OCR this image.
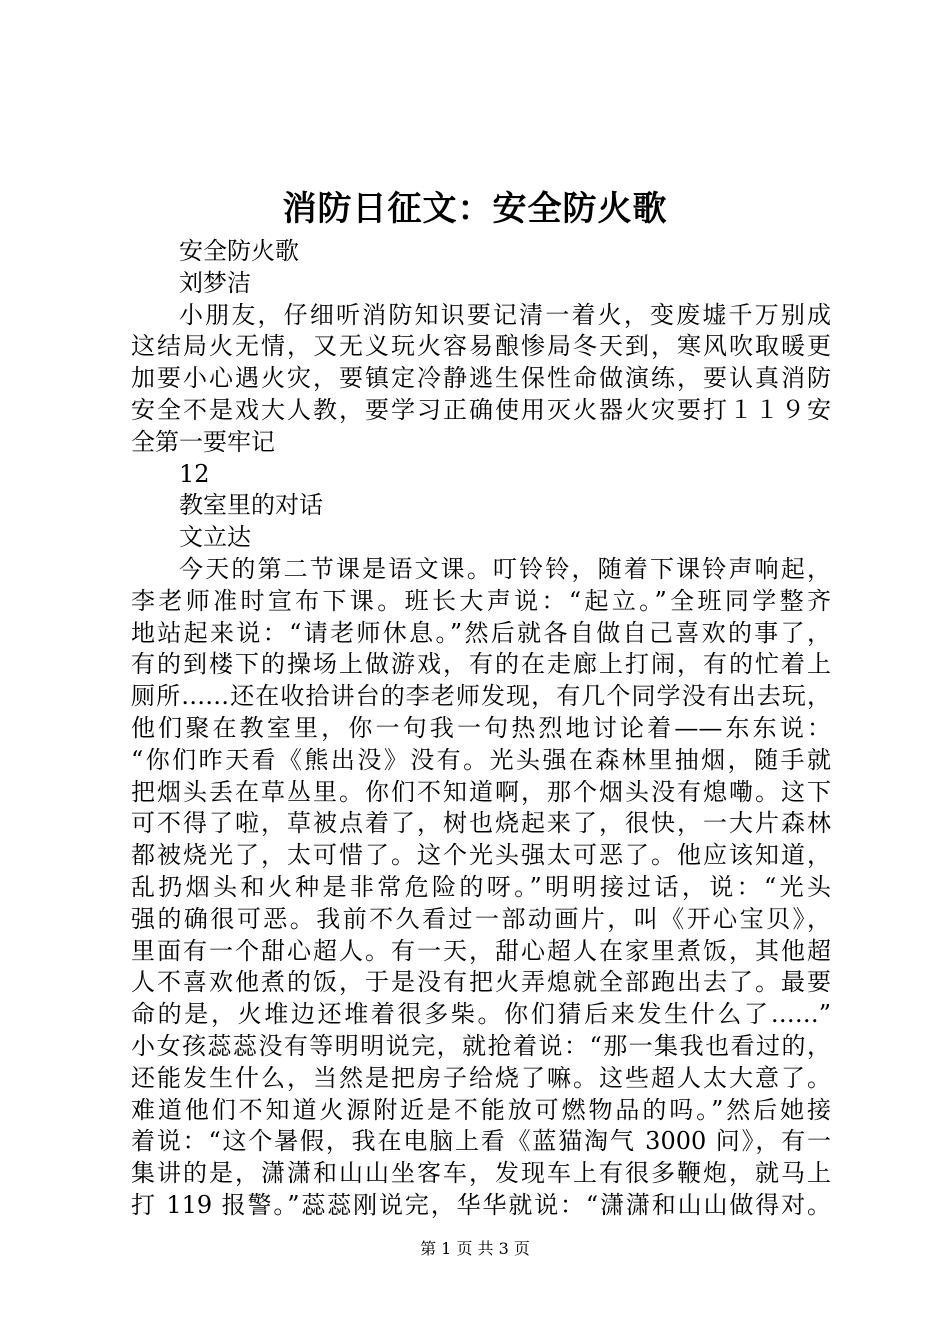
消防日征文：安全防火歌
安全防火歌
刘梦洁
小朋友，仔细听消防知识要记清一着火，变废墟千万别成
这结局火无情，又无义玩火容易酿惨局冬天到，寒风吹取暖更
加要小心遇火灾，要镇定冷静逃生保性命做演练，要认真消防
安全不是戏大人教，要学习正确使用灭火器火灾要打１１９安
全第一要牢记
12
教室里的对话
文立达
今天的第二节课是语文课。叮铃铃，随着下课铃声响起，
李老师准时宣布下课。班长大声说：“起立。”全班同学整齐
地站起来说：“请老师休息。”然后就各自做自己喜欢的事了，
有的到楼下的操场上做游戏，有的在走廊上打闹，有的忙着上
厕所……还在收拾讲台的李老师发现，有几个同学没有出去玩，
他们聚在教室里，你一句我一句热烈地讨论着——东东说：
“你们昨天看《熊出没》没有。光头强在森林里抽烟，随手就
把烟头丢在草丛里。你们不知道啊，那个烟头没有熄嘞。这下
可不得了啦，草被点着了，树也烧起来了，很快，一大片森林
都被烧光了，太可惜了。这个光头强太可恶了。他应该知道，
乱扔烟头和火种是非常危险的呀。”明明接过话，说：“光头
强的确很可恶。我前不久看过一部动画片，叫《开心宝贝》，
里面有一个甜心超人。有一天，甜心超人在家里煮饭，其他超
人不喜欢他煮的饭，于是没有把火弄熄就全部跑出去了。最要
命的是，火堆边还堆着很多柴。你们猜后来发生什么了……”
小女孩蕊蕊没有等明明说完，就抢着说：“那一集我也看过的，
还能发生什么，当然是把房子给烧了嘛。这些超人太大意了。
难道他们不知道火源附近是不能放可燃物品的吗。”然后她接
着说：“这个暑假，我在电脑上看《蓝猫淘气 3000 问》，有一
集讲的是，潇潇和山山坐客车，发现车上有很多鞭炮，就马上
打 119 报警。”蕊蕊刚说完，华华就说：“潇潇和山山做得对。
第 1 页 共 3 页
